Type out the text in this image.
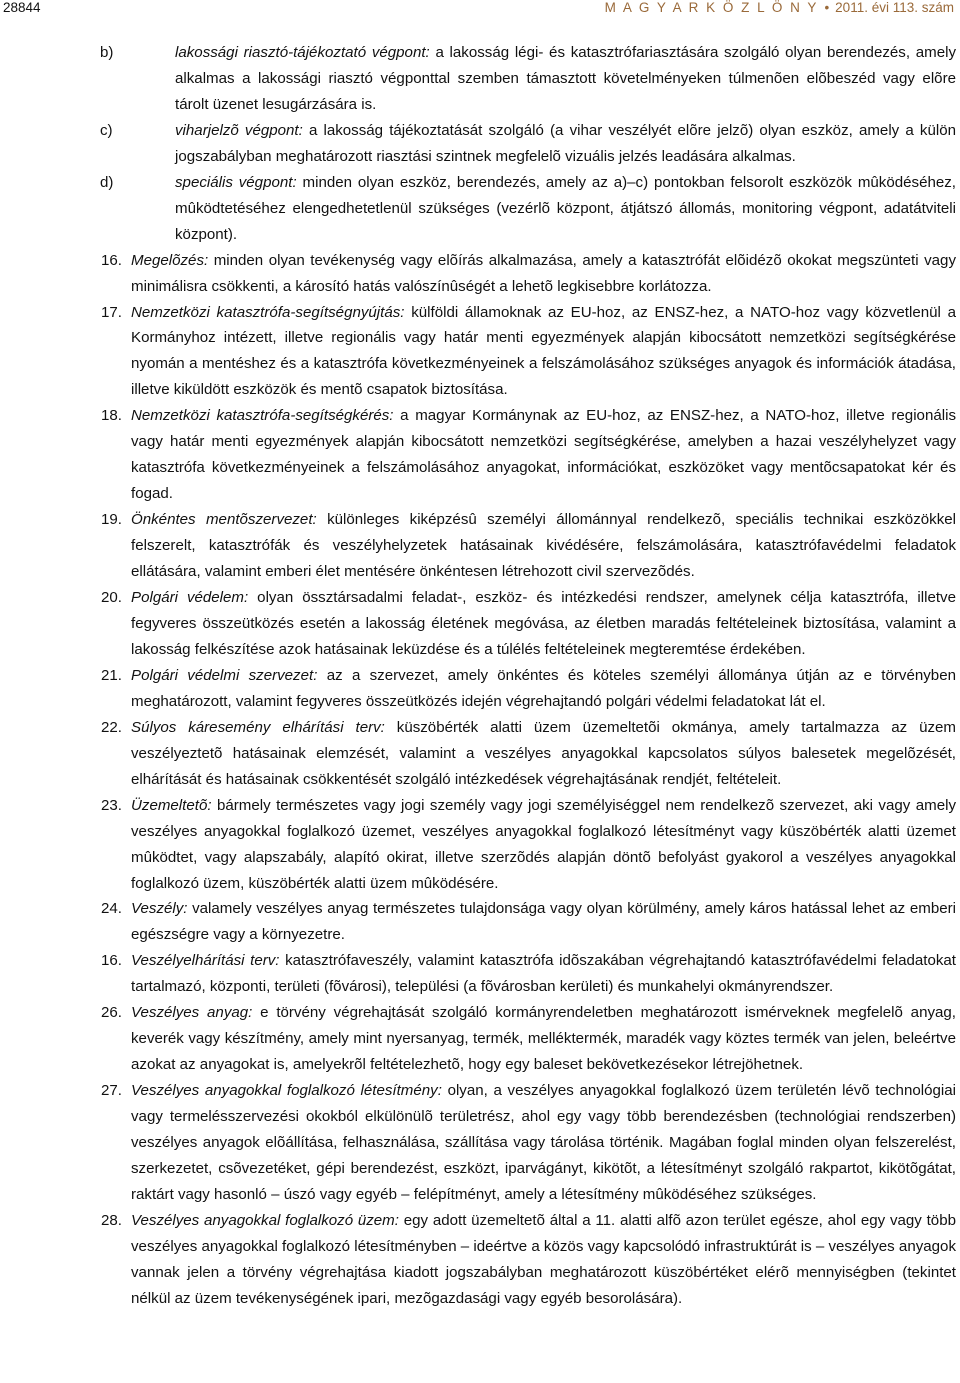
28844	M A G Y A R K Ö Z L Ö N Y • 2011. évi 113. szám

b)	lakossági riasztó-tájékoztató végpont: a lakosság légi- és katasztrófariasztására szolgáló olyan berendezés, amely alkalmas a lakossági riasztó végponttal szemben támasztott követelményeken túlmenõen elõbeszéd vagy elõre tárolt üzenet lesugárzására is.

c)	viharjelzõ végpont: a lakosság tájékoztatását szolgáló (a vihar veszélyét elõre jelzõ) olyan eszköz, amely a külön jogszabályban meghatározott riasztási szintnek megfelelõ vizuális jelzés leadására alkalmas.

d)	speciális végpont: minden olyan eszköz, berendezés, amely az a)–c) pontokban felsorolt eszközök mûködéséhez, mûködtetéséhez elengedhetetlenül szükséges (vezérlõ központ, átjátszó állomás, monitoring végpont, adatátviteli központ).

16. Megelõzés: minden olyan tevékenység vagy elõírás alkalmazása, amely a katasztrófát elõidézõ okokat megszünteti vagy minimálisra csökkenti, a károsító hatás valószínûségét a lehetõ legkisebbre korlátozza.

17. Nemzetközi katasztrófa-segítségnyújtás: külföldi államoknak az EU-hoz, az ENSZ-hez, a NATO-hoz vagy közvetlenül a Kormányhoz intézett, illetve regionális vagy határ menti egyezmények alapján kibocsátott nemzetközi segítségkérése nyomán a mentéshez és a katasztrófa következményeinek a felszámolásához szükséges anyagok és információk átadása, illetve kiküldött eszközök és mentõ csapatok biztosítása.

18. Nemzetközi katasztrófa-segítségkérés: a magyar Kormánynak az EU-hoz, az ENSZ-hez, a NATO-hoz, illetve regionális vagy határ menti egyezmények alapján kibocsátott nemzetközi segítségkérése, amelyben a hazai veszélyhelyzet vagy katasztrófa következményeinek a felszámolásához anyagokat, információkat, eszközöket vagy mentõcsapatokat kér és fogad.

19. Önkéntes mentõszervezet: különleges kiképzésû személyi állománnyal rendelkezõ, speciális technikai eszközökkel felszerelt, katasztrófák és veszélyhelyzetek hatásainak kivédésére, felszámolására, katasztrófavédelmi feladatok ellátására, valamint emberi élet mentésére önkéntesen létrehozott civil szervezõdés.

20. Polgári védelem: olyan össztársadalmi feladat-, eszköz- és intézkedési rendszer, amelynek célja katasztrófa, illetve fegyveres összeütközés esetén a lakosság életének megóvása, az életben maradás feltételeinek biztosítása, valamint a lakosság felkészítése azok hatásainak leküzdése és a túlélés feltételeinek megteremtése érdekében.

21. Polgári védelmi szervezet: az a szervezet, amely önkéntes és köteles személyi állománya útján az e törvényben meghatározott, valamint fegyveres összeütközés idején végrehajtandó polgári védelmi feladatokat lát el.

22. Súlyos káresemény elhárítási terv: küszöbérték alatti üzem üzemeltetõi okmánya, amely tartalmazza az üzem veszélyeztetõ hatásainak elemzését, valamint a veszélyes anyagokkal kapcsolatos súlyos balesetek megelõzését, elhárítását és hatásainak csökkentését szolgáló intézkedések végrehajtásának rendjét, feltételeit.

23. Üzemeltetõ: bármely természetes vagy jogi személy vagy jogi személyiséggel nem rendelkezõ szervezet, aki vagy amely veszélyes anyagokkal foglalkozó üzemet, veszélyes anyagokkal foglalkozó létesítményt vagy küszöbérték alatti üzemet mûködtet, vagy alapszabály, alapító okirat, illetve szerzõdés alapján döntõ befolyást gyakorol a veszélyes anyagokkal foglalkozó üzem, küszöbérték alatti üzem mûködésére.

24. Veszély: valamely veszélyes anyag természetes tulajdonsága vagy olyan körülmény, amely káros hatással lehet az emberi egészségre vagy a környezetre.

16. Veszélyelhárítási terv: katasztrófaveszély, valamint katasztrófa idõszakában végrehajtandó katasztrófavédelmi feladatokat tartalmazó, központi, területi (fõvárosi), települési (a fõvárosban kerületi) és munkahelyi okmányrendszer.

26. Veszélyes anyag: e törvény végrehajtását szolgáló kormányrendeletben meghatározott ismérveknek megfelelõ anyag, keverék vagy készítmény, amely mint nyersanyag, termék, melléktermék, maradék vagy köztes termék van jelen, beleértve azokat az anyagokat is, amelyekrõl feltételezhetõ, hogy egy baleset bekövetkezésekor létrejöhetnek.

27. Veszélyes anyagokkal foglalkozó létesítmény: olyan, a veszélyes anyagokkal foglalkozó üzem területén lévõ technológiai vagy termelésszervezési okokból elkülönülõ területrész, ahol egy vagy több berendezésben (technológiai rendszerben) veszélyes anyagok elõállítása, felhasználása, szállítása vagy tárolása történik. Magában foglal minden olyan felszerelést, szerkezetet, csõvezetéket, gépi berendezést, eszközt, iparvágányt, kikötõt, a létesítményt szolgáló rakpartot, kikötõgátat, raktárt vagy hasonló – úszó vagy egyéb – felépítményt, amely a létesítmény mûködéséhez szükséges.

28. Veszélyes anyagokkal foglalkozó üzem: egy adott üzemeltetõ által a 11. alatti alfõ azon terület egésze, ahol egy vagy több veszélyes anyagokkal foglalkozó létesítményben – ideértve a közös vagy kapcsolódó infrastruktúrát is – veszélyes anyagok vannak jelen a törvény végrehajtása kiadott jogszabályban meghatározott küszöbértéket elérõ mennyiségben (tekintet nélkül az üzem tevékenységének ipari, mezõgazdasági vagy egyéb besorolására).
